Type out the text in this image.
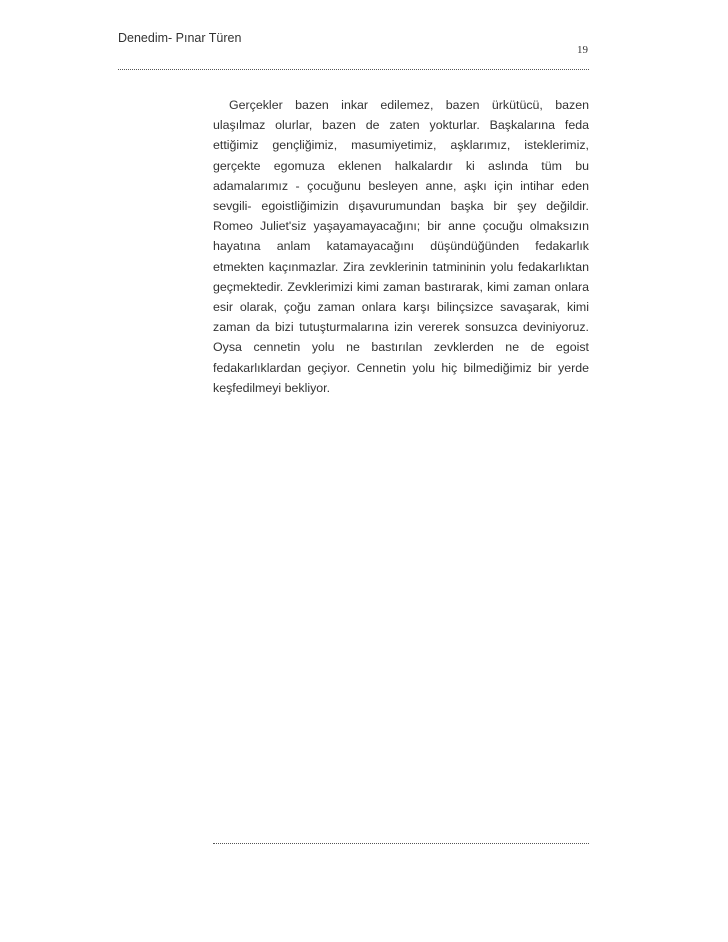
Denedim- Pınar Türen
19

Gerçekler bazen inkar edilemez, bazen ürkütücü, bazen ulaşılmaz olurlar, bazen de zaten yokturlar. Başkalarına feda ettiğimiz gençliğimiz, masumiyetimiz, aşklarımız, isteklerimiz, gerçekte egomuza eklenen halkalardır ki aslında tüm bu adamalarımız - çocuğunu besleyen anne, aşkı için intihar eden sevgili- egoistliğimizin dışavurumundan başka bir şey değildir. Romeo Juliet'siz yaşayamayacağını; bir anne çocuğu olmaksızın hayatına anlam katamayacağını düşündüğünden fedakarlık etmekten kaçınmazlar. Zira zevklerinin tatmininin yolu fedakarlıktan geçmektedir. Zevklerimizi kimi zaman bastırarak, kimi zaman onlara esir olarak, çoğu zaman onlara karşı bilinçsizce savaşarak, kimi zaman da bizi tutuşturmalarına izin vererek sonsuzca deviniyoruz. Oysa cennetin yolu ne bastırılan zevklerden ne de egoist fedakarlıklardan geçiyor. Cennetin yolu hiç bilmediğimiz bir yerde keşfedilmeyi bekliyor.
